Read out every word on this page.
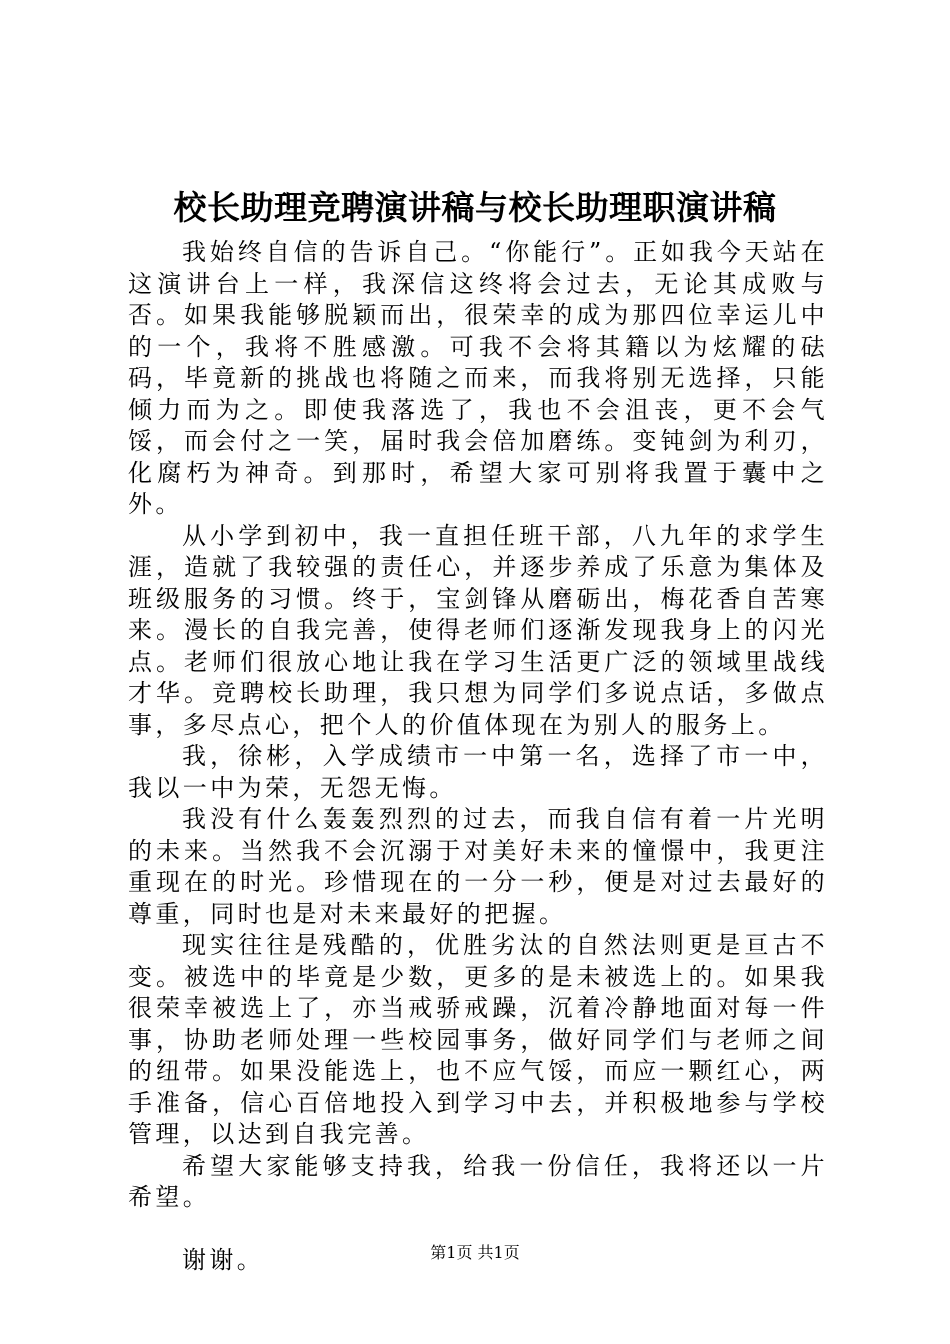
校长助理竞聘演讲稿与校长助理职演讲稿

我始终自信的告诉自己。“你能行”。正如我今天站在这演讲台上一样，我深信这终将会过去，无论其成败与否。如果我能够脱颖而出，很荣幸的成为那四位幸运儿中的一个，我将不胜感激。可我不会将其籍以为炫耀的砝码，毕竟新的挑战也将随之而来，而我将别无选择，只能倾力而为之。即使我落选了，我也不会沮丧，更不会气馁，而会付之一笑，届时我会倍加磨练。变钝剑为利刃，化腐朽为神奇。到那时，希望大家可别将我置于囊中之外。

从小学到初中，我一直担任班干部，八九年的求学生涯，造就了我较强的责任心，并逐步养成了乐意为集体及班级服务的习惯。终于，宝剑锋从磨砺出，梅花香自苦寒来。漫长的自我完善，使得老师们逐渐发现我身上的闪光点。老师们很放心地让我在学习生活更广泛的领域里战线才华。竞聘校长助理，我只想为同学们多说点话，多做点事，多尽点心，把个人的价值体现在为别人的服务上。

我，徐彬，入学成绩市一中第一名，选择了市一中，我以一中为荣，无怨无悔。

我没有什么轰轰烈烈的过去，而我自信有着一片光明的未来。当然我不会沉溺于对美好未来的憧憬中，我更注重现在的时光。珍惜现在的一分一秒，便是对过去最好的尊重，同时也是对未来最好的把握。

现实往往是残酷的，优胜劣汰的自然法则更是亘古不变。被选中的毕竟是少数，更多的是未被选上的。如果我很荣幸被选上了，亦当戒骄戒躁，沉着冷静地面对每一件事，协助老师处理一些校园事务，做好同学们与老师之间的纽带。如果没能选上，也不应气馁，而应一颗红心，两手准备，信心百倍地投入到学习中去，并积极地参与学校管理，以达到自我完善。

希望大家能够支持我，给我一份信任，我将还以一片希望。

谢谢。	第1页 共1页
